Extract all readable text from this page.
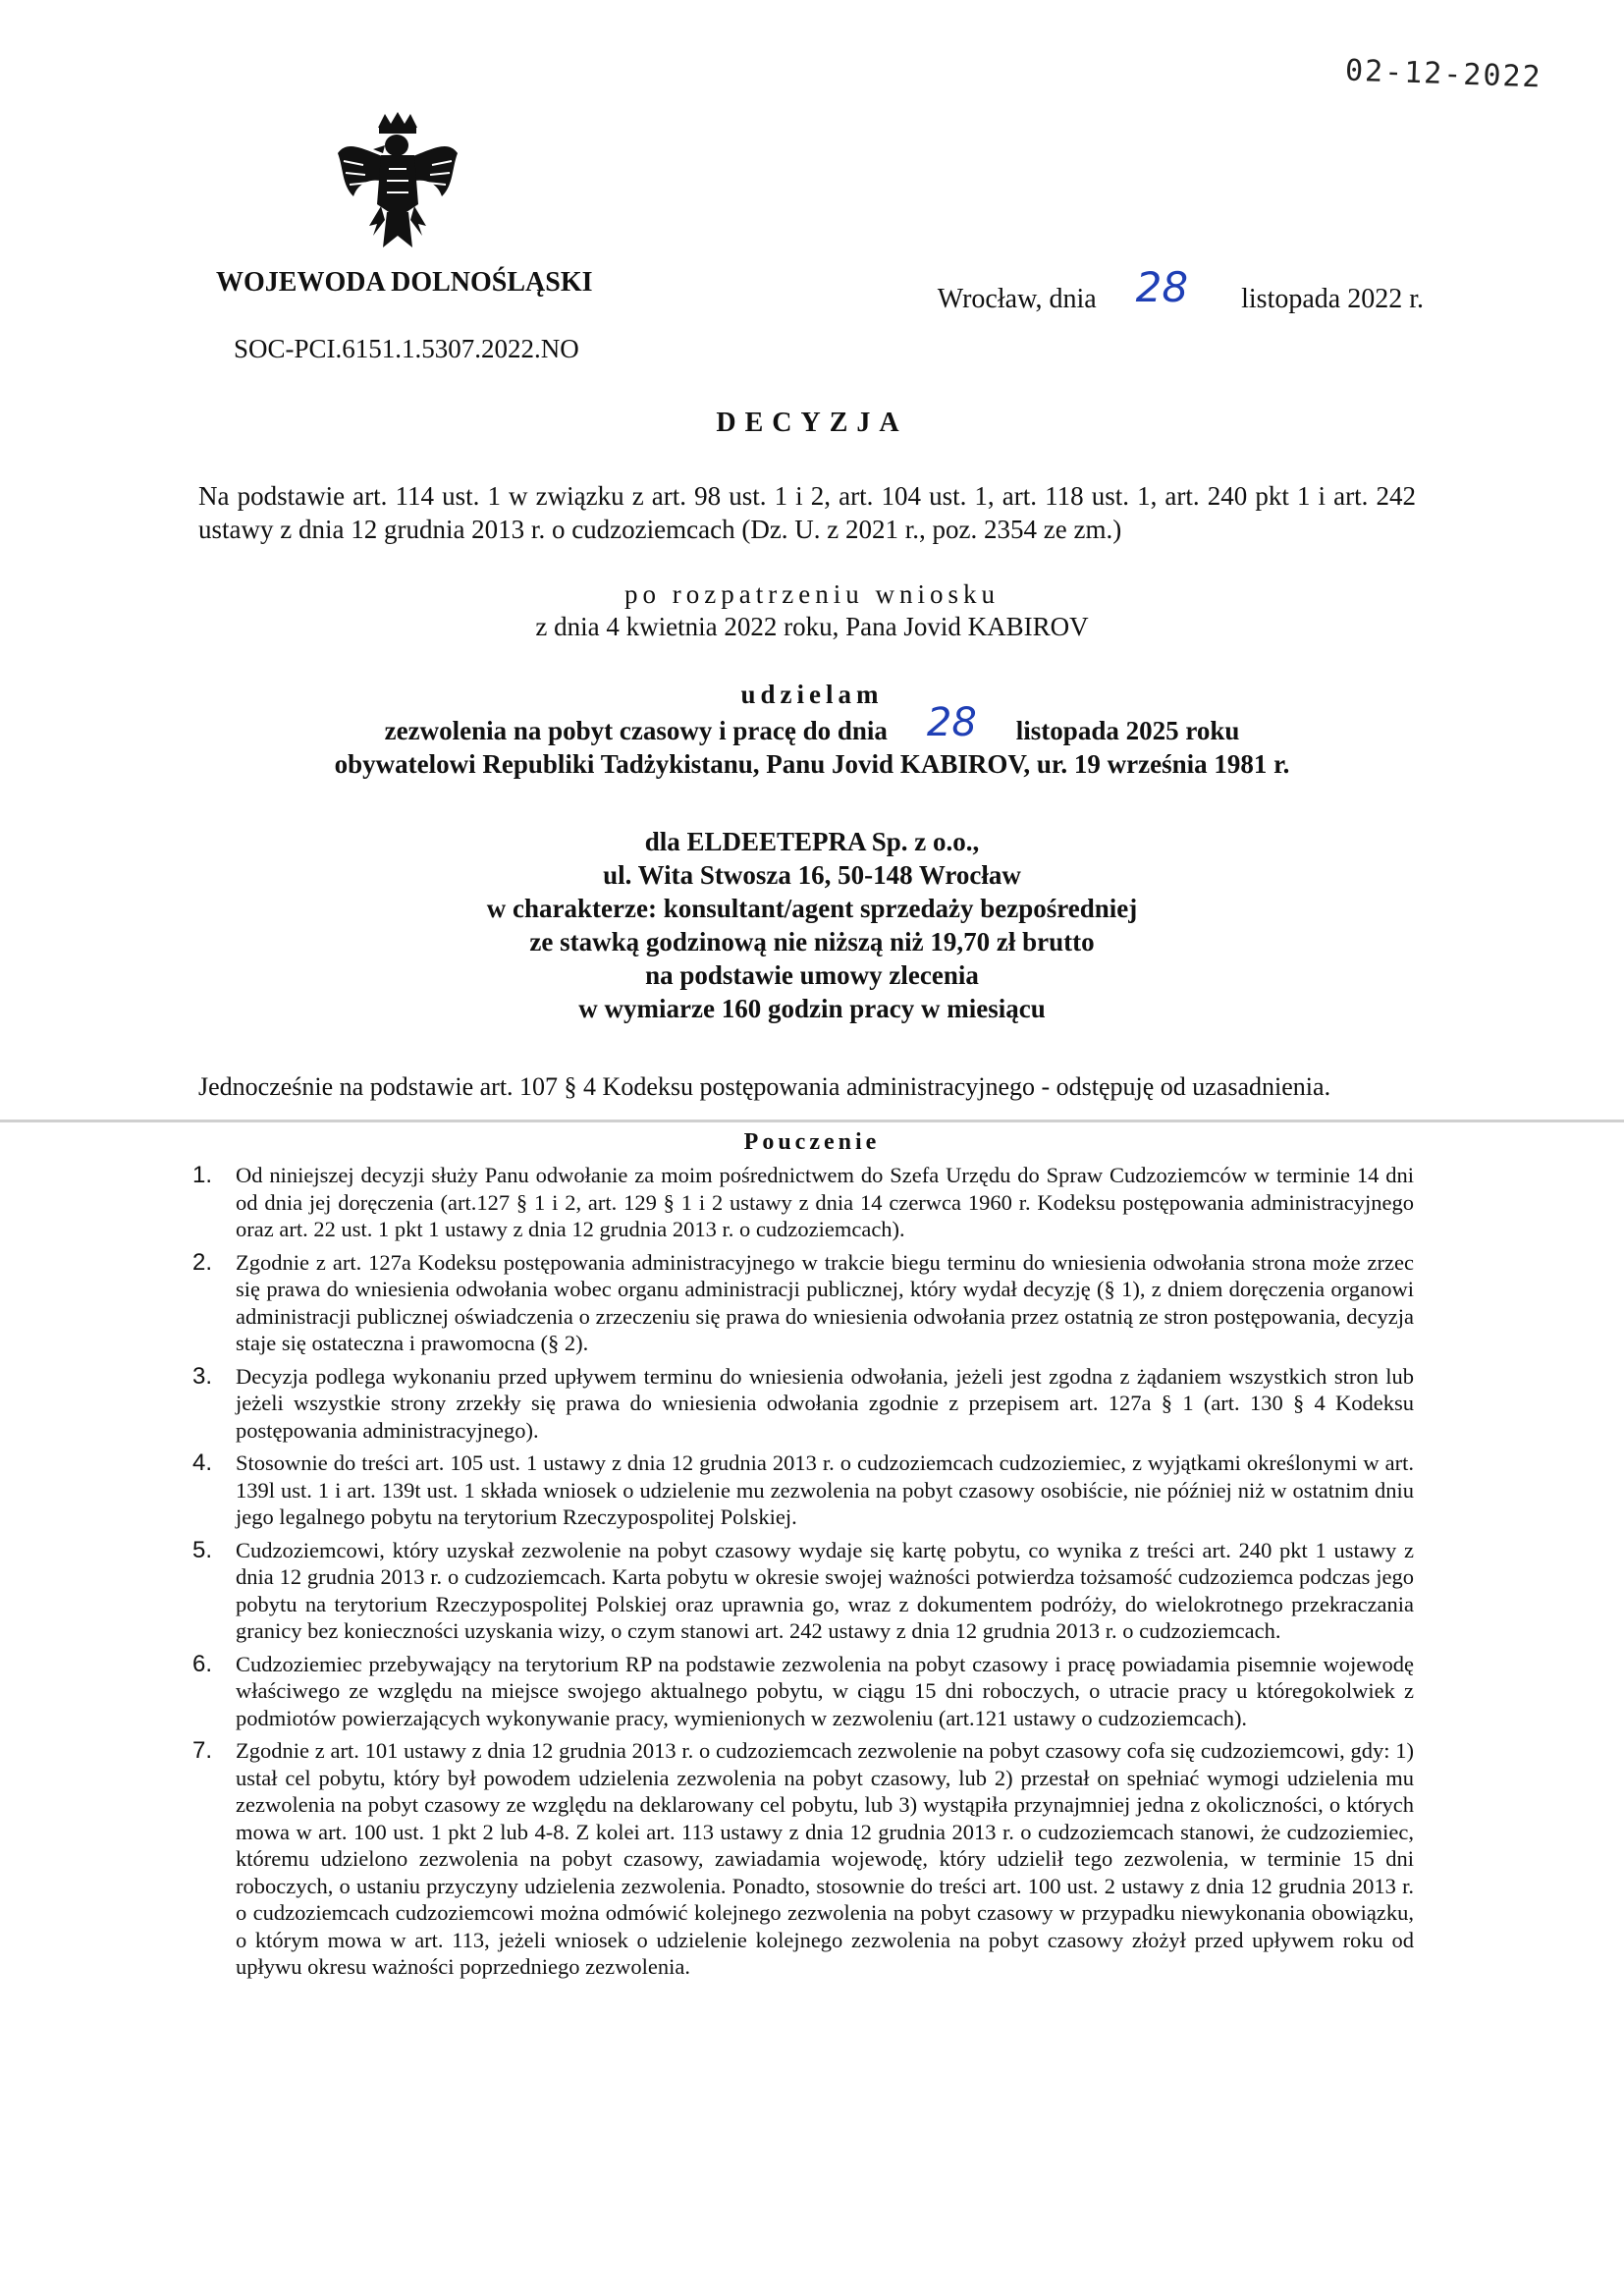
02-12-2022
WOJEWODA DOLNOŚLĄSKI
Wrocław, dnia 28 listopada 2022 r.
SOC-PCI.6151.1.5307.2022.NO
DECYZJA
Na podstawie art. 114 ust. 1 w związku z art. 98 ust. 1 i 2, art. 104 ust. 1, art. 118 ust. 1, art. 240 pkt 1 i art. 242 ustawy z dnia 12 grudnia 2013 r. o cudzoziemcach (Dz. U. z 2021 r., poz. 2354 ze zm.)
po rozpatrzeniu wniosku
z dnia 4 kwietnia 2022 roku, Pana Jovid KABIROV
udzielam
zezwolenia na pobyt czasowy i pracę do dnia 28 listopada 2025 roku
obywatelowi Republiki Tadżykistanu, Panu Jovid KABIROV, ur. 19 września 1981 r.
dla ELDEETEPRA Sp. z o.o.,
ul. Wita Stwosza 16, 50-148 Wrocław
w charakterze: konsultant/agent sprzedaży bezpośredniej
ze stawką godzinową nie niższą niż 19,70 zł brutto
na podstawie umowy zlecenia
w wymiarze 160 godzin pracy w miesiącu
Jednocześnie na podstawie art. 107 § 4 Kodeksu postępowania administracyjnego - odstępuję od uzasadnienia.
Pouczenie
1. Od niniejszej decyzji służy Panu odwołanie za moim pośrednictwem do Szefa Urzędu do Spraw Cudzoziemców w terminie 14 dni od dnia jej doręczenia (art.127 § 1 i 2, art. 129 § 1 i 2 ustawy z dnia 14 czerwca 1960 r. Kodeksu postępowania administracyjnego oraz art. 22 ust. 1 pkt 1 ustawy z dnia 12 grudnia 2013 r. o cudzoziemcach).
2. Zgodnie z art. 127a Kodeksu postępowania administracyjnego w trakcie biegu terminu do wniesienia odwołania strona może zrzec się prawa do wniesienia odwołania wobec organu administracji publicznej, który wydał decyzję (§ 1), z dniem doręczenia organowi administracji publicznej oświadczenia o zrzeczeniu się prawa do wniesienia odwołania przez ostatnią ze stron postępowania, decyzja staje się ostateczna i prawomocna (§ 2).
3. Decyzja podlega wykonaniu przed upływem terminu do wniesienia odwołania, jeżeli jest zgodna z żądaniem wszystkich stron lub jeżeli wszystkie strony zrzekły się prawa do wniesienia odwołania zgodnie z przepisem art. 127a § 1 (art. 130 § 4 Kodeksu postępowania administracyjnego).
4. Stosownie do treści art. 105 ust. 1 ustawy z dnia 12 grudnia 2013 r. o cudzoziemcach cudzoziemiec, z wyjątkami określonymi w art. 139l ust. 1 i art. 139t ust. 1 składa wniosek o udzielenie mu zezwolenia na pobyt czasowy osobiście, nie później niż w ostatnim dniu jego legalnego pobytu na terytorium Rzeczypospolitej Polskiej.
5. Cudzoziemcowi, który uzyskał zezwolenie na pobyt czasowy wydaje się kartę pobytu, co wynika z treści art. 240 pkt 1 ustawy z dnia 12 grudnia 2013 r. o cudzoziemcach. Karta pobytu w okresie swojej ważności potwierdza tożsamość cudzoziemca podczas jego pobytu na terytorium Rzeczypospolitej Polskiej oraz uprawnia go, wraz z dokumentem podróży, do wielokrotnego przekraczania granicy bez konieczności uzyskania wizy, o czym stanowi art. 242 ustawy z dnia 12 grudnia 2013 r. o cudzoziemcach.
6. Cudzoziemiec przebywający na terytorium RP na podstawie zezwolenia na pobyt czasowy i pracę powiadamia pisemnie wojewodę właściwego ze względu na miejsce swojego aktualnego pobytu, w ciągu 15 dni roboczych, o utracie pracy u któregokolwiek z podmiotów powierzających wykonywanie pracy, wymienionych w zezwoleniu (art.121 ustawy o cudzoziemcach).
7. Zgodnie z art. 101 ustawy z dnia 12 grudnia 2013 r. o cudzoziemcach zezwolenie na pobyt czasowy cofa się cudzoziemcowi, gdy: 1) ustał cel pobytu, który był powodem udzielenia zezwolenia na pobyt czasowy, lub 2) przestał on spełniać wymogi udzielenia mu zezwolenia na pobyt czasowy ze względu na deklarowany cel pobytu, lub 3) wystąpiła przynajmniej jedna z okoliczności, o których mowa w art. 100 ust. 1 pkt 2 lub 4-8. Z kolei art. 113 ustawy z dnia 12 grudnia 2013 r. o cudzoziemcach stanowi, że cudzoziemiec, któremu udzielono zezwolenia na pobyt czasowy, zawiadamia wojewodę, który udzielił tego zezwolenia, w terminie 15 dni roboczych, o ustaniu przyczyny udzielenia zezwolenia. Ponadto, stosownie do treści art. 100 ust. 2 ustawy z dnia 12 grudnia 2013 r. o cudzoziemcach cudzoziemcowi można odmówić kolejnego zezwolenia na pobyt czasowy w przypadku niewykonania obowiązku, o którym mowa w art. 113, jeżeli wniosek o udzielenie kolejnego zezwolenia na pobyt czasowy złożył przed upływem roku od upływu okresu ważności poprzedniego zezwolenia.
